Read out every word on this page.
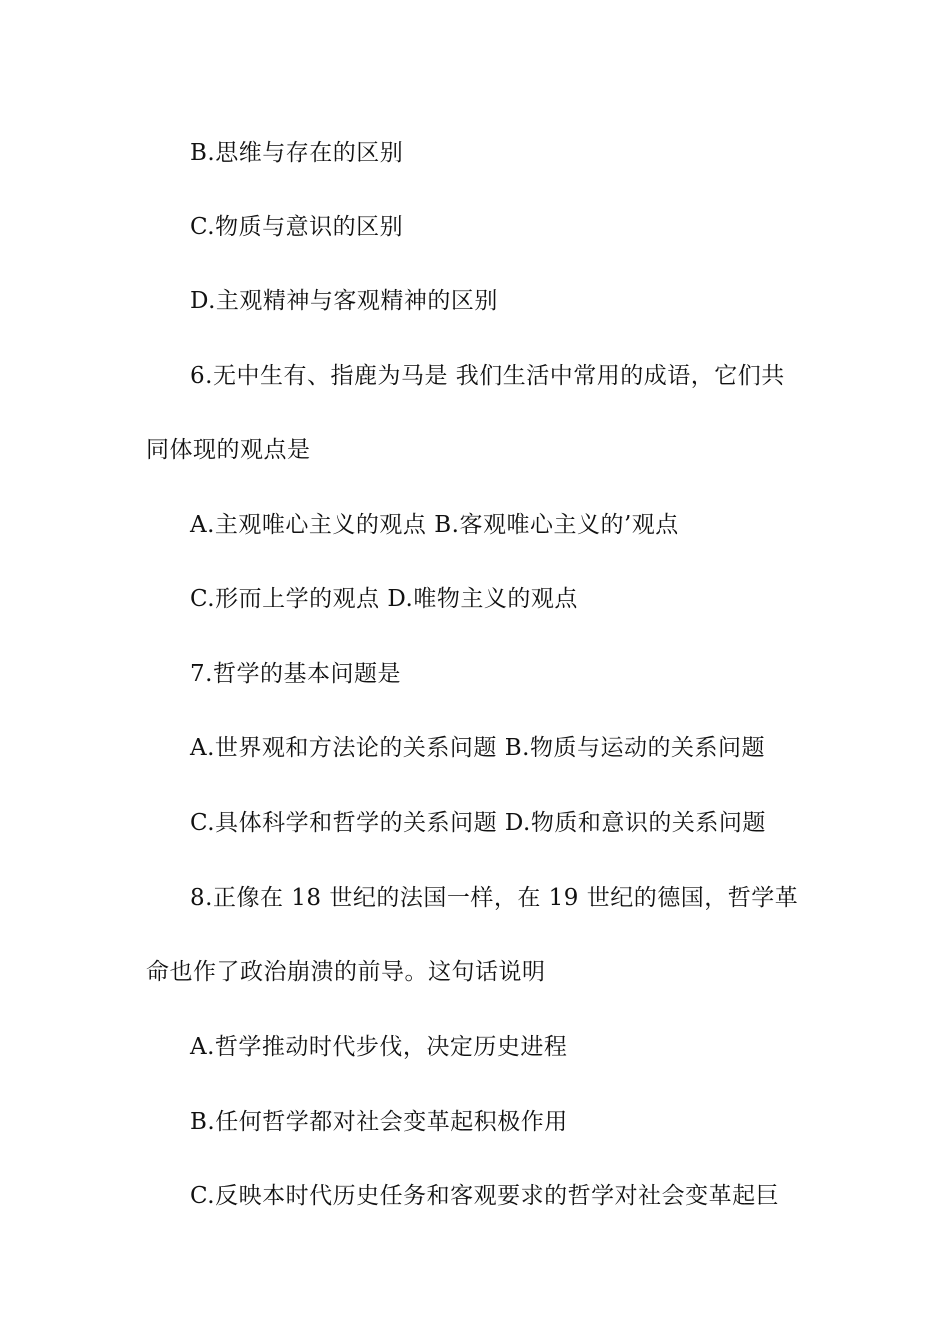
B.思维与存在的区别
C.物质与意识的区别
D.主观精神与客观精神的区别
6.无中生有、指鹿为马是 我们生活中常用的成语，它们共
同体现的观点是
A.主观唯心主义的观点 B.客观唯心主义的’观点
C.形而上学的观点 D.唯物主义的观点
7.哲学的基本问题是
A.世界观和方法论的关系问题 B.物质与运动的关系问题
C.具体科学和哲学的关系问题 D.物质和意识的关系问题
8.正像在 18 世纪的法国一样，在 19 世纪的德国，哲学革
命也作了政治崩溃的前导。这句话说明
A.哲学推动时代步伐，决定历史进程
B.任何哲学都对社会变革起积极作用
C.反映本时代历史任务和客观要求的哲学对社会变革起巨
